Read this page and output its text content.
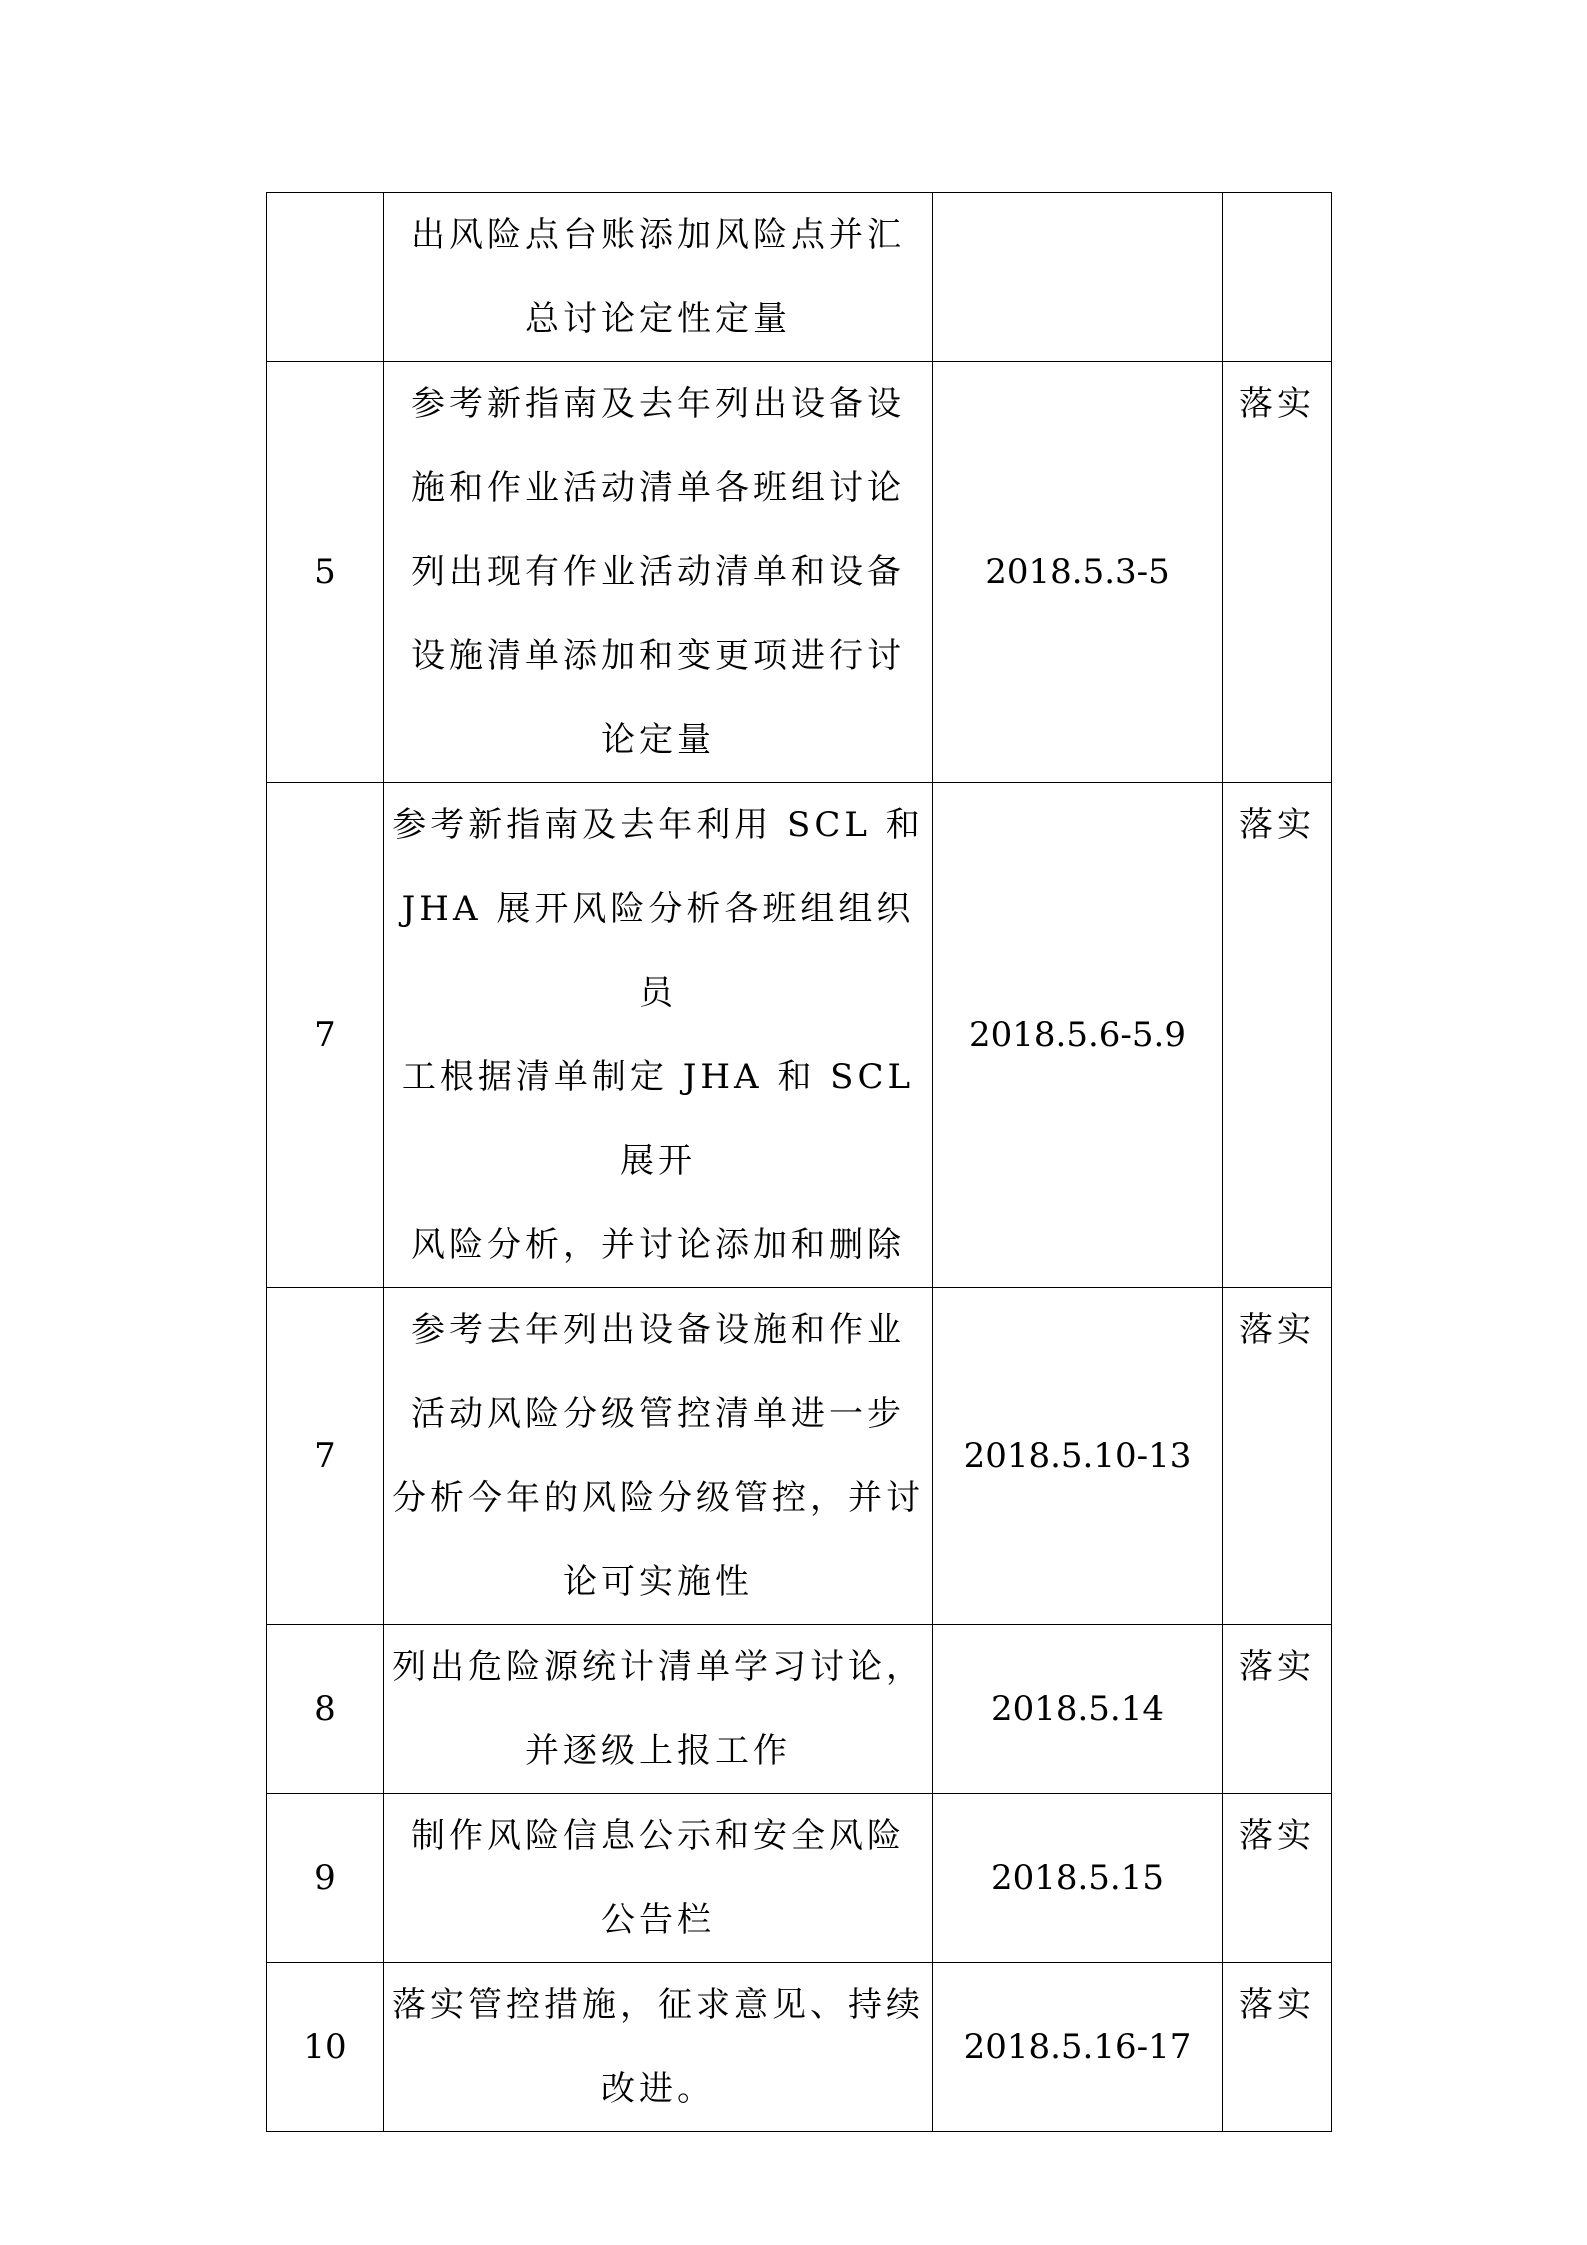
	出风险点台账添加风险点并汇
总讨论定性定量		

5	参考新指南及去年列出设备设
施和作业活动清单各班组讨论
列出现有作业活动清单和设备
设施清单添加和变更项进行讨
论定量	2018.5.3-5	落实
7	参考新指南及去年利用 SCL 和
JHA 展开风险分析各班组组织员
工根据清单制定 JHA 和 SCL 展开
风险分析，并讨论添加和删除	2018.5.6-5.9	落实
7	参考去年列出设备设施和作业
活动风险分级管控清单进一步
分析今年的风险分级管控，并讨
论可实施性	2018.5.10-13	落实
8	列出危险源统计清单学习讨论，
并逐级上报工作	2018.5.14	落实
9	制作风险信息公示和安全风险
公告栏	2018.5.15	落实
10	落实管控措施，征求意见、持续
改进。	2018.5.16-17	落实
